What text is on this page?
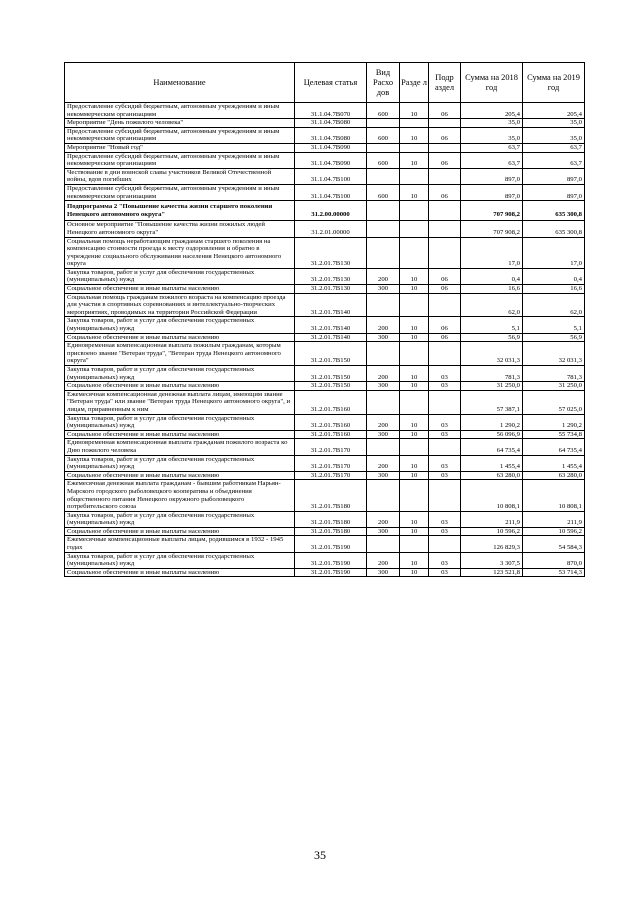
Наименование	Целевая статья	Вид Расхо дов	Разде л	Подр аздел	Сумма на 2018 год	Сумма на 2019 год
Предоставление субсидий бюджетным, автономным учреждениям и иным некоммерческим организациям	31.1.04.7В070	600	10	06	205,4	205,4
Мероприятие "День пожилого человека"	31.1.04.7В080				35,0	35,0
Предоставление субсидий бюджетным, автономным учреждениям и иным некоммерческим организациям	31.1.04.7В080	600	10	06	35,0	35,0
Мероприятие "Новый год"	31.1.04.7В090				63,7	63,7
Предоставление субсидий бюджетным, автономным учреждениям и иным некоммерческим организациям	31.1.04.7В090	600	10	06	63,7	63,7
Чествование в дни воинской славы участников Великой Отечественной войны, вдов погибших	31.1.04.7В100				897,0	897,0
Предоставление субсидий бюджетным, автономным учреждениям и иным некоммерческим организациям	31.1.04.7В100	600	10	06	897,0	897,0
Подпрограмма 2 "Повышение качества жизни старшего поколения Ненецкого автономного округа"	31.2.00.00000				707 908,2	635 300,8
Основное мероприятие "Повышение качества жизни пожилых людей Ненецкого автономного округа"	31.2.01.00000				707 908,2	635 300,8
Социальная помощь неработающим гражданам старшего поколения на компенсацию стоимости проезда к месту оздоровления и обратно в учреждение социального обслуживания населения Ненецкого автономного округа	31.2.01.7В130				17,0	17,0
Закупка товаров, работ и услуг для обеспечения государственных (муниципальных) нужд	31.2.01.7В130	200	10	06	0,4	0,4
Социальное обеспечение и иные выплаты населению	31.2.01.7В130	300	10	06	16,6	16,6
Социальная помощь гражданам пожилого возраста на компенсацию проезда для участия в спортивных соревнованиях и интеллектуально-творческих мероприятиях, проводимых на территории Российской Федерации	31.2.01.7В140				62,0	62,0
Закупка товаров, работ и услуг для обеспечения государственных (муниципальных) нужд	31.2.01.7В140	200	10	06	5,1	5,1
Социальное обеспечение и иные выплаты населению	31.2.01.7В140	300	10	06	56,9	56,9
Единовременная компенсационная выплата пожилым гражданам, которым присвоено звание "Ветеран труда", "Ветеран труда Ненецкого автономного округа"	31.2.01.7В150				32 031,3	32 031,3
Закупка товаров, работ и услуг для обеспечения государственных (муниципальных) нужд	31.2.01.7В150	200	10	03	781,3	781,3
Социальное обеспечение и иные выплаты населению	31.2.01.7В150	300	10	03	31 250,0	31 250,0
Ежемесячная компенсационная денежная выплата лицам, имеющим звание "Ветеран труда" или звание "Ветеран труда Ненецкого автономного округа", и лицам, приравненным к ним	31.2.01.7В160				57 387,1	57 025,0
Закупка товаров, работ и услуг для обеспечения государственных (муниципальных) нужд	31.2.01.7В160	200	10	03	1 290,2	1 290,2
Социальное обеспечение и иные выплаты населению	31.2.01.7В160	300	10	03	56 096,9	55 734,8
Единовременная компенсационная выплата гражданам пожилого возраста ко Дню пожилого человека	31.2.01.7В170				64 735,4	64 735,4
Закупка товаров, работ и услуг для обеспечения государственных (муниципальных) нужд	31.2.01.7В170	200	10	03	1 455,4	1 455,4
Социальное обеспечение и иные выплаты населению	31.2.01.7В170	300	10	03	63 280,0	63 280,0
Ежемесячная денежная выплата гражданам - бывшим работникам Нарьян-Марского городского рыболовецкого кооператива и объединения общественного питания Ненецкого окружного рыболовецкого потребительского союза	31.2.01.7В180				10 808,1	10 808,1
Закупка товаров, работ и услуг для обеспечения государственных (муниципальных) нужд	31.2.01.7В180	200	10	03	211,9	211,9
Социальное обеспечение и иные выплаты населению	31.2.01.7В180	300	10	03	10 596,2	10 596,2
Ежемесячные компенсационные выплаты лицам, родившимся в 1932 - 1945 годах	31.2.01.7В190				126 829,3	54 584,3
Закупка товаров, работ и услуг для обеспечения государственных (муниципальных) нужд	31.2.01.7В190	200	10	03	3 307,5	870,0
Социальное обеспечение и иные выплаты населению	31.2.01.7В190	300	10	03	123 521,8	53 714,3
35
